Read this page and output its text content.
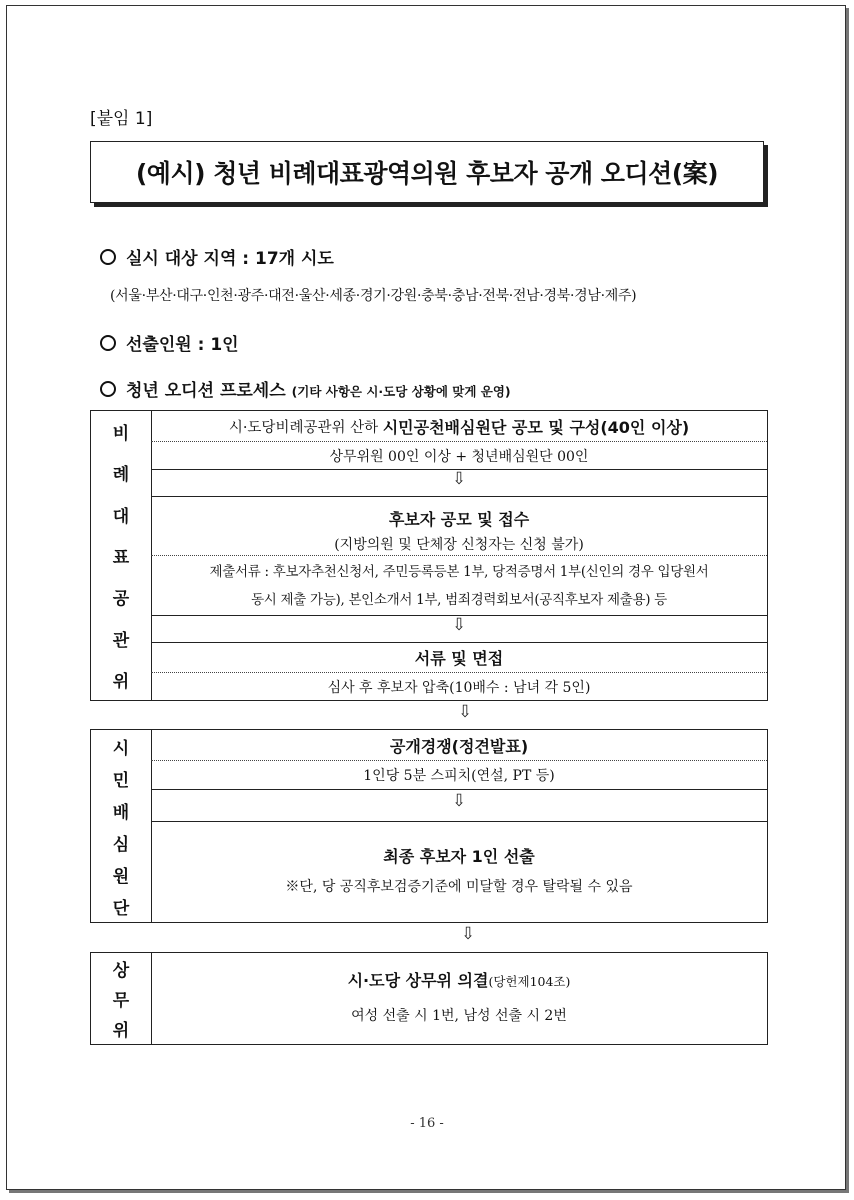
[붙임 1]
(예시) 청년 비례대표광역의원 후보자 공개 오디션(案)
실시 대상 지역 : 17개 시도
(서울·부산·대구·인천·광주·대전·울산·세종·경기·강원·충북·충남·전북·전남·경북·경남·제주)
선출인원 : 1인
청년 오디션 프로세스 (기타 사항은 시·도당 상황에 맞게 운영)
비
례
대
표
공
관
위
시·도당비례공관위 산하
시민공천배심원단 공모 및 구성(40인 이상)
상무위원 00인 이상 + 청년배심원단 00인
후보자 공모 및 접수
(지방의원 및 단체장 신청자는 신청 불가)
제출서류 : 후보자추천신청서, 주민등록등본 1부, 당적증명서 1부(신인의 경우 입당원서
동시 제출 가능), 본인소개서 1부, 범죄경력회보서(공직후보자 제출용) 등
서류 및 면접
심사 후 후보자 압축(10배수 : 남녀 각 5인)
⇩
⇩
⇩
시
민
배
심
원
단
공개경쟁(정견발표)
1인당 5분 스피치(연설, PT 등)
최종 후보자 1인 선출
※단, 당 공직후보검증기준에 미달할 경우 탈락될 수 있음
⇩
⇩
상
무
위
시·도당 상무위 의결(당헌제104조)
여성 선출 시 1번, 남성 선출 시 2번
- 16 -
